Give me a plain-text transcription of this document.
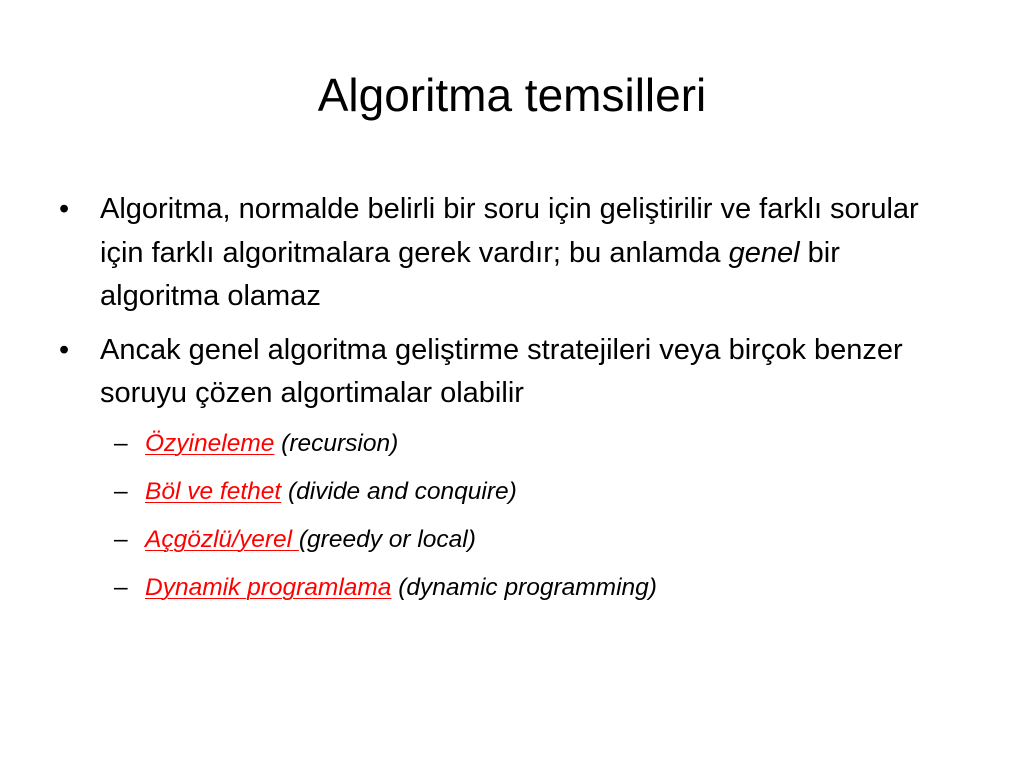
Algoritma temsilleri
• Algoritma, normalde belirli bir soru için geliştirilir ve farklı sorular için farklı algoritmalara gerek vardır; bu anlamda genel bir algoritma olamaz
• Ancak genel algoritma geliştirme stratejileri veya birçok benzer soruyu çözen algortimalar olabilir
– Özyineleme (recursion)
– Böl ve fethet (divide and conquire)
– Açgözlü/yerel (greedy or local)
– Dynamik programlama (dynamic programming)
